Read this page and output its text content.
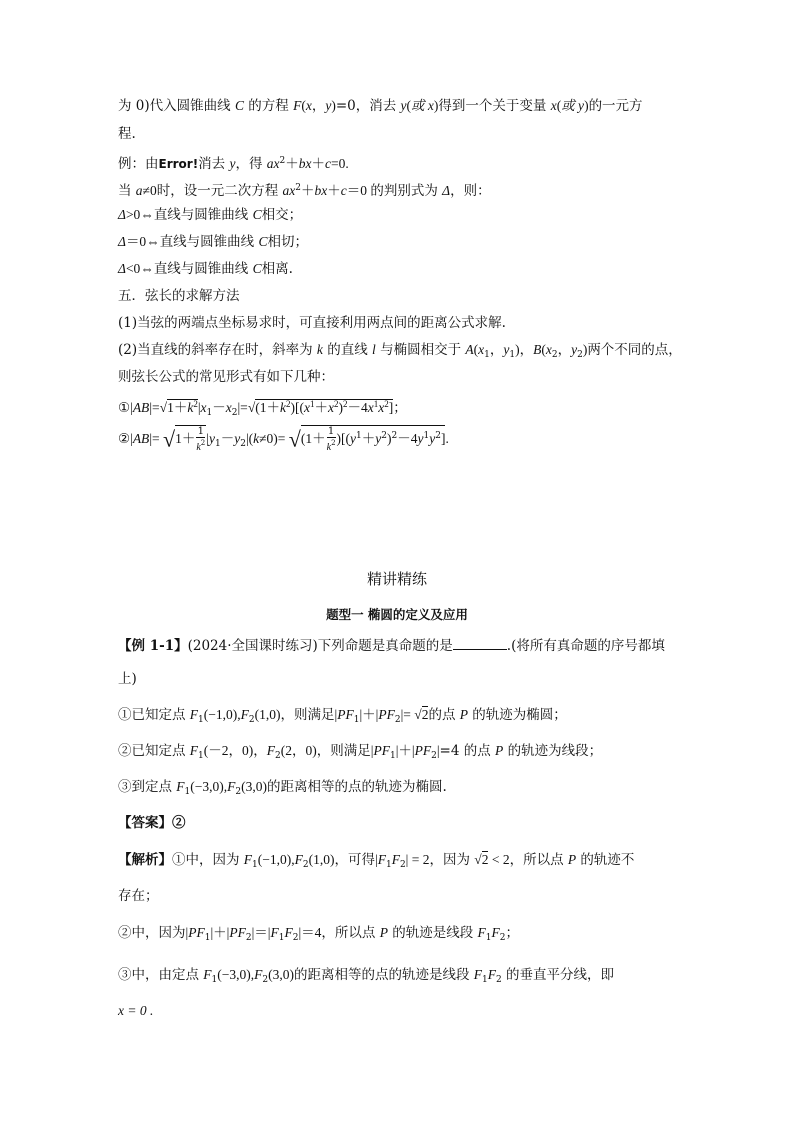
为 0)代入圆锥曲线 C 的方程 F(x，y)=0，消去 y(或 x)得到一个关于变量 x(或 y)的一元方
程.
例：由Error!消去 y，得 $ax^2+bx+c=0$.
当 a≠0时，设一元二次方程 $ax^2+bx+c=0$ 的判别式为 Δ，则：
Δ>0⇔直线与圆锥曲线 C相交；
Δ＝0⇔直线与圆锥曲线 C相切；
Δ<0⇔直线与圆锥曲线 C相离.
五．弦长的求解方法
(1)当弦的两端点坐标易求时，可直接利用两点间的距离公式求解.
(2)当直线的斜率存在时，斜率为 k 的直线 l 与椭圆相交于 $A(x_1$，$y_1$)，$B(x_2$，$y_2$)两个不同的点，
则弦长公式的常见形式有如下几种：
$①|AB|=√1+k^2|x_1-x_2|=√(1+k^2)[(x^1+x^2)^2-4x^1x^2]$；
②|AB|= $√1+ \frac{1}{k^2} |y_1-y_2|(k\ne 0)= √(1+ \frac{1}{k^2} )[(y^1+y^2)^2-4y^1y^2]$.
精讲精练
题型一 椭圆的定义及应用
【例 1-1】(2024·全国课时练习)下列命题是真命题的是	.(将所有真命题的序号都填
上)
①已知定点 $F_1(-1,0),F_2(1,0)$，则满足$|PF_1|+|PF_2|= √2$的点 P 的轨迹为椭圆；
②已知定点 $F_1(-2$，0)，$F_2(2$，0)，则满足$|PF_1|+|PF_2|=4$ 的点 P 的轨迹为线段；
③到定点 $F_1(-3,0),F_2(3,0)$的距离相等的点的轨迹为椭圆.
【答案】②
【解析】①中，因为 $F_1(-1,0),F_2(1,0)$，可得$|F_1F_2| = 2$，因为 √2 < 2，所以点 P 的轨迹不
存在；
②中，因为$|PF_1|+|PF_2|=|F_1F_2|=4$，所以点 P 的轨迹是线段 $F_1F_2$；
③中，由定点 $F_1(-3,0),F_2(3,0)$的距离相等的点的轨迹是线段 $F_1F_2$ 的垂直平分线，即
x = 0 .
